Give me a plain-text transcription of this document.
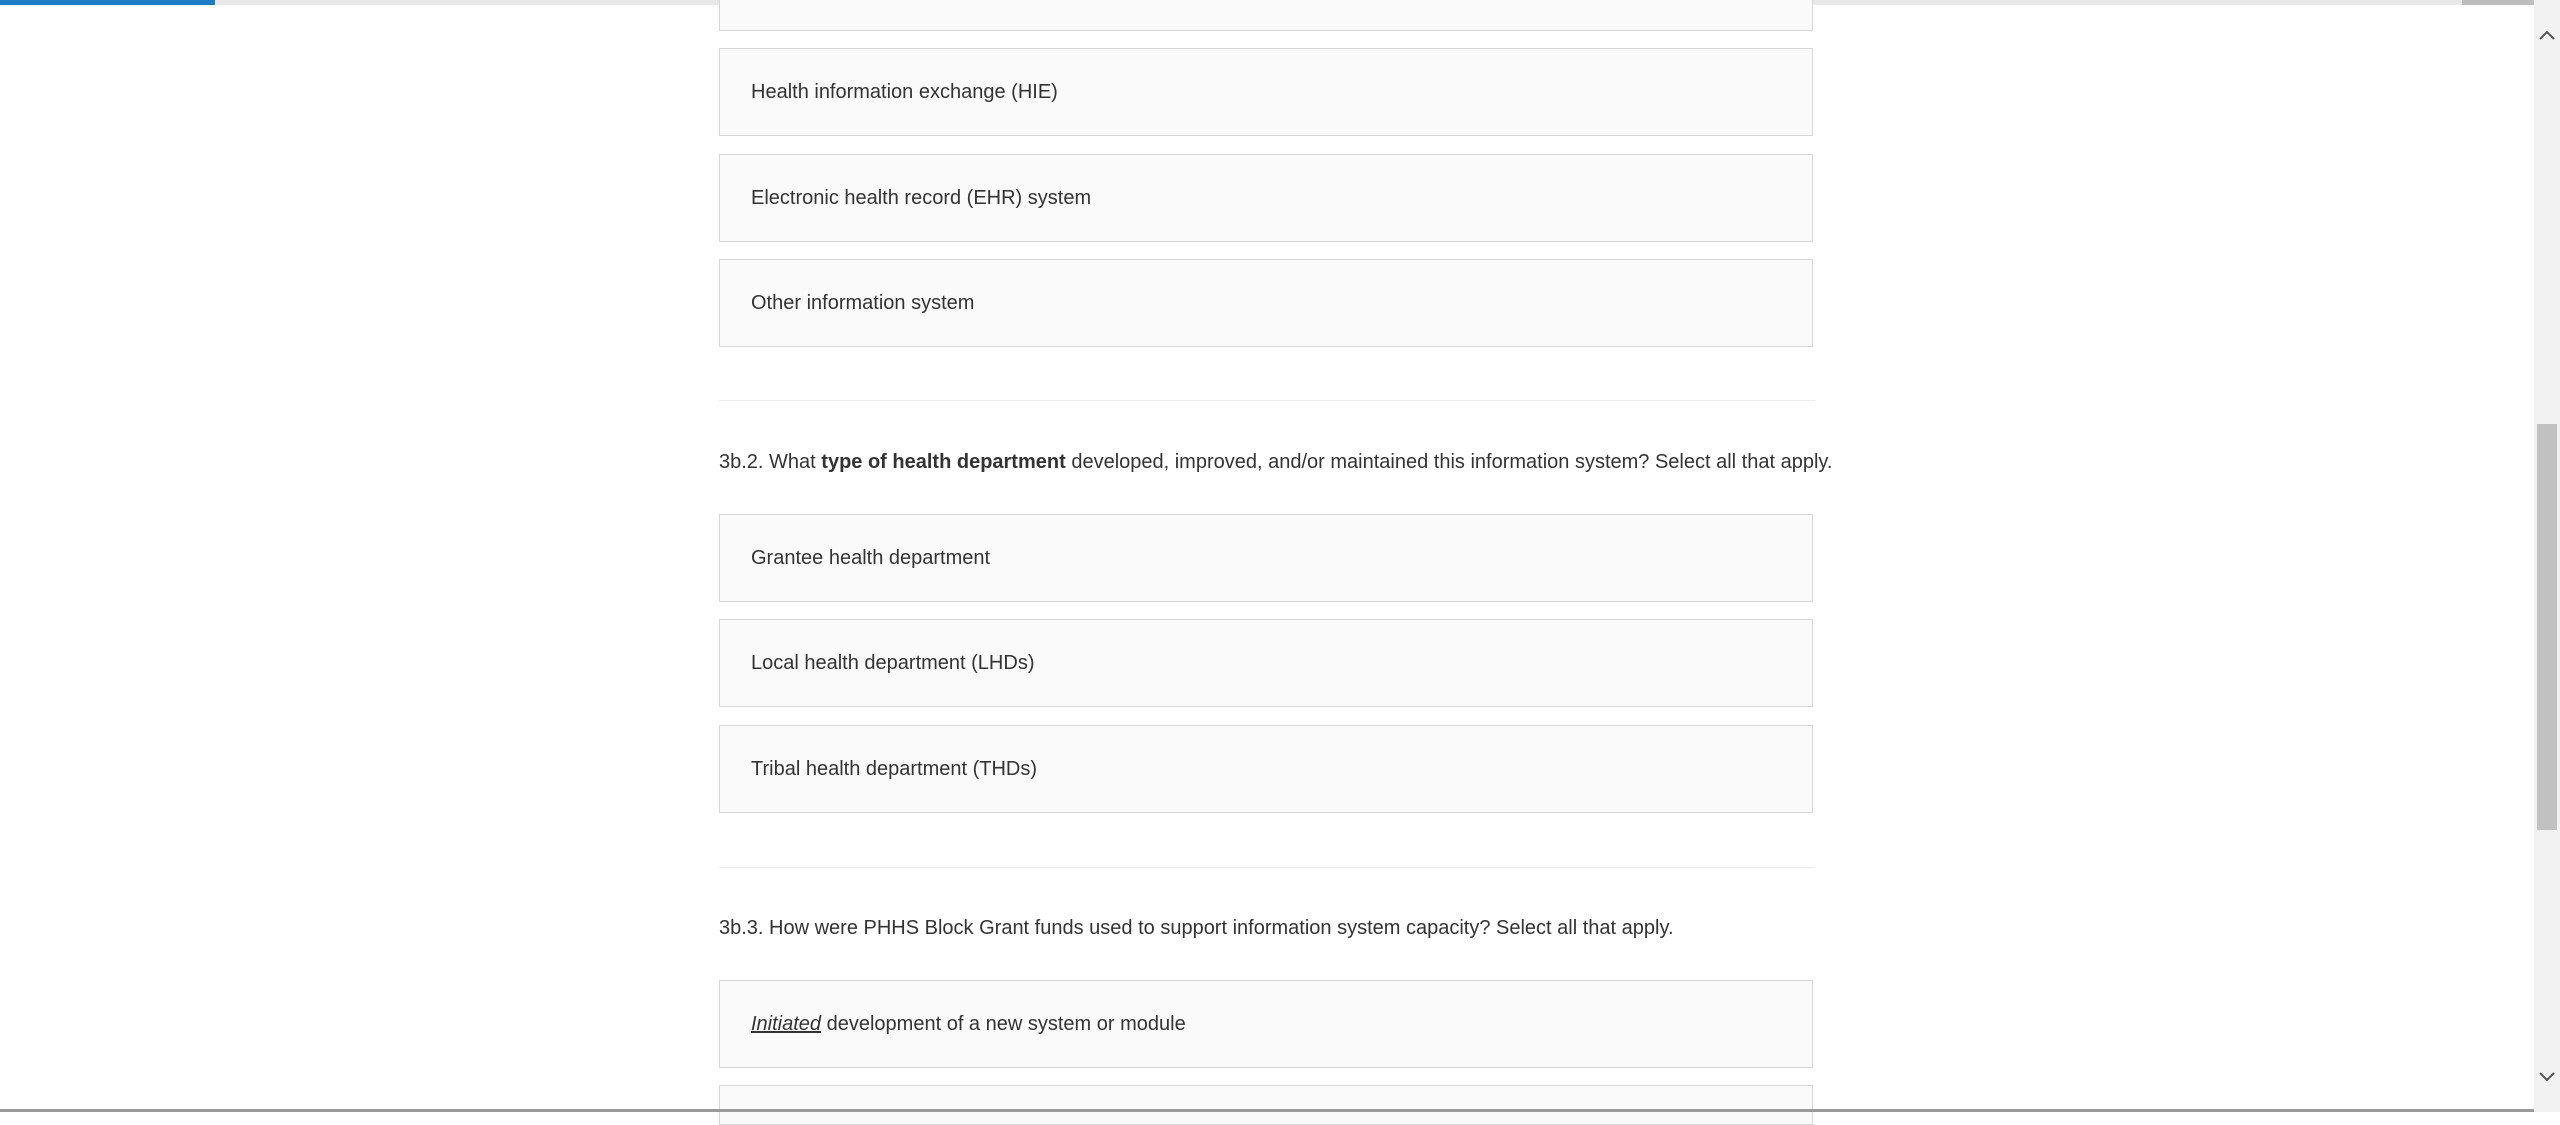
Health information exchange (HIE)
Electronic health record (EHR) system
Other information system
3b.2. What type of health department developed, improved, and/or maintained this information system? Select all that apply.
Grantee health department
Local health department (LHDs)
Tribal health department (THDs)
3b.3. How were PHHS Block Grant funds used to support information system capacity? Select all that apply.
Initiated development of a new system or module
